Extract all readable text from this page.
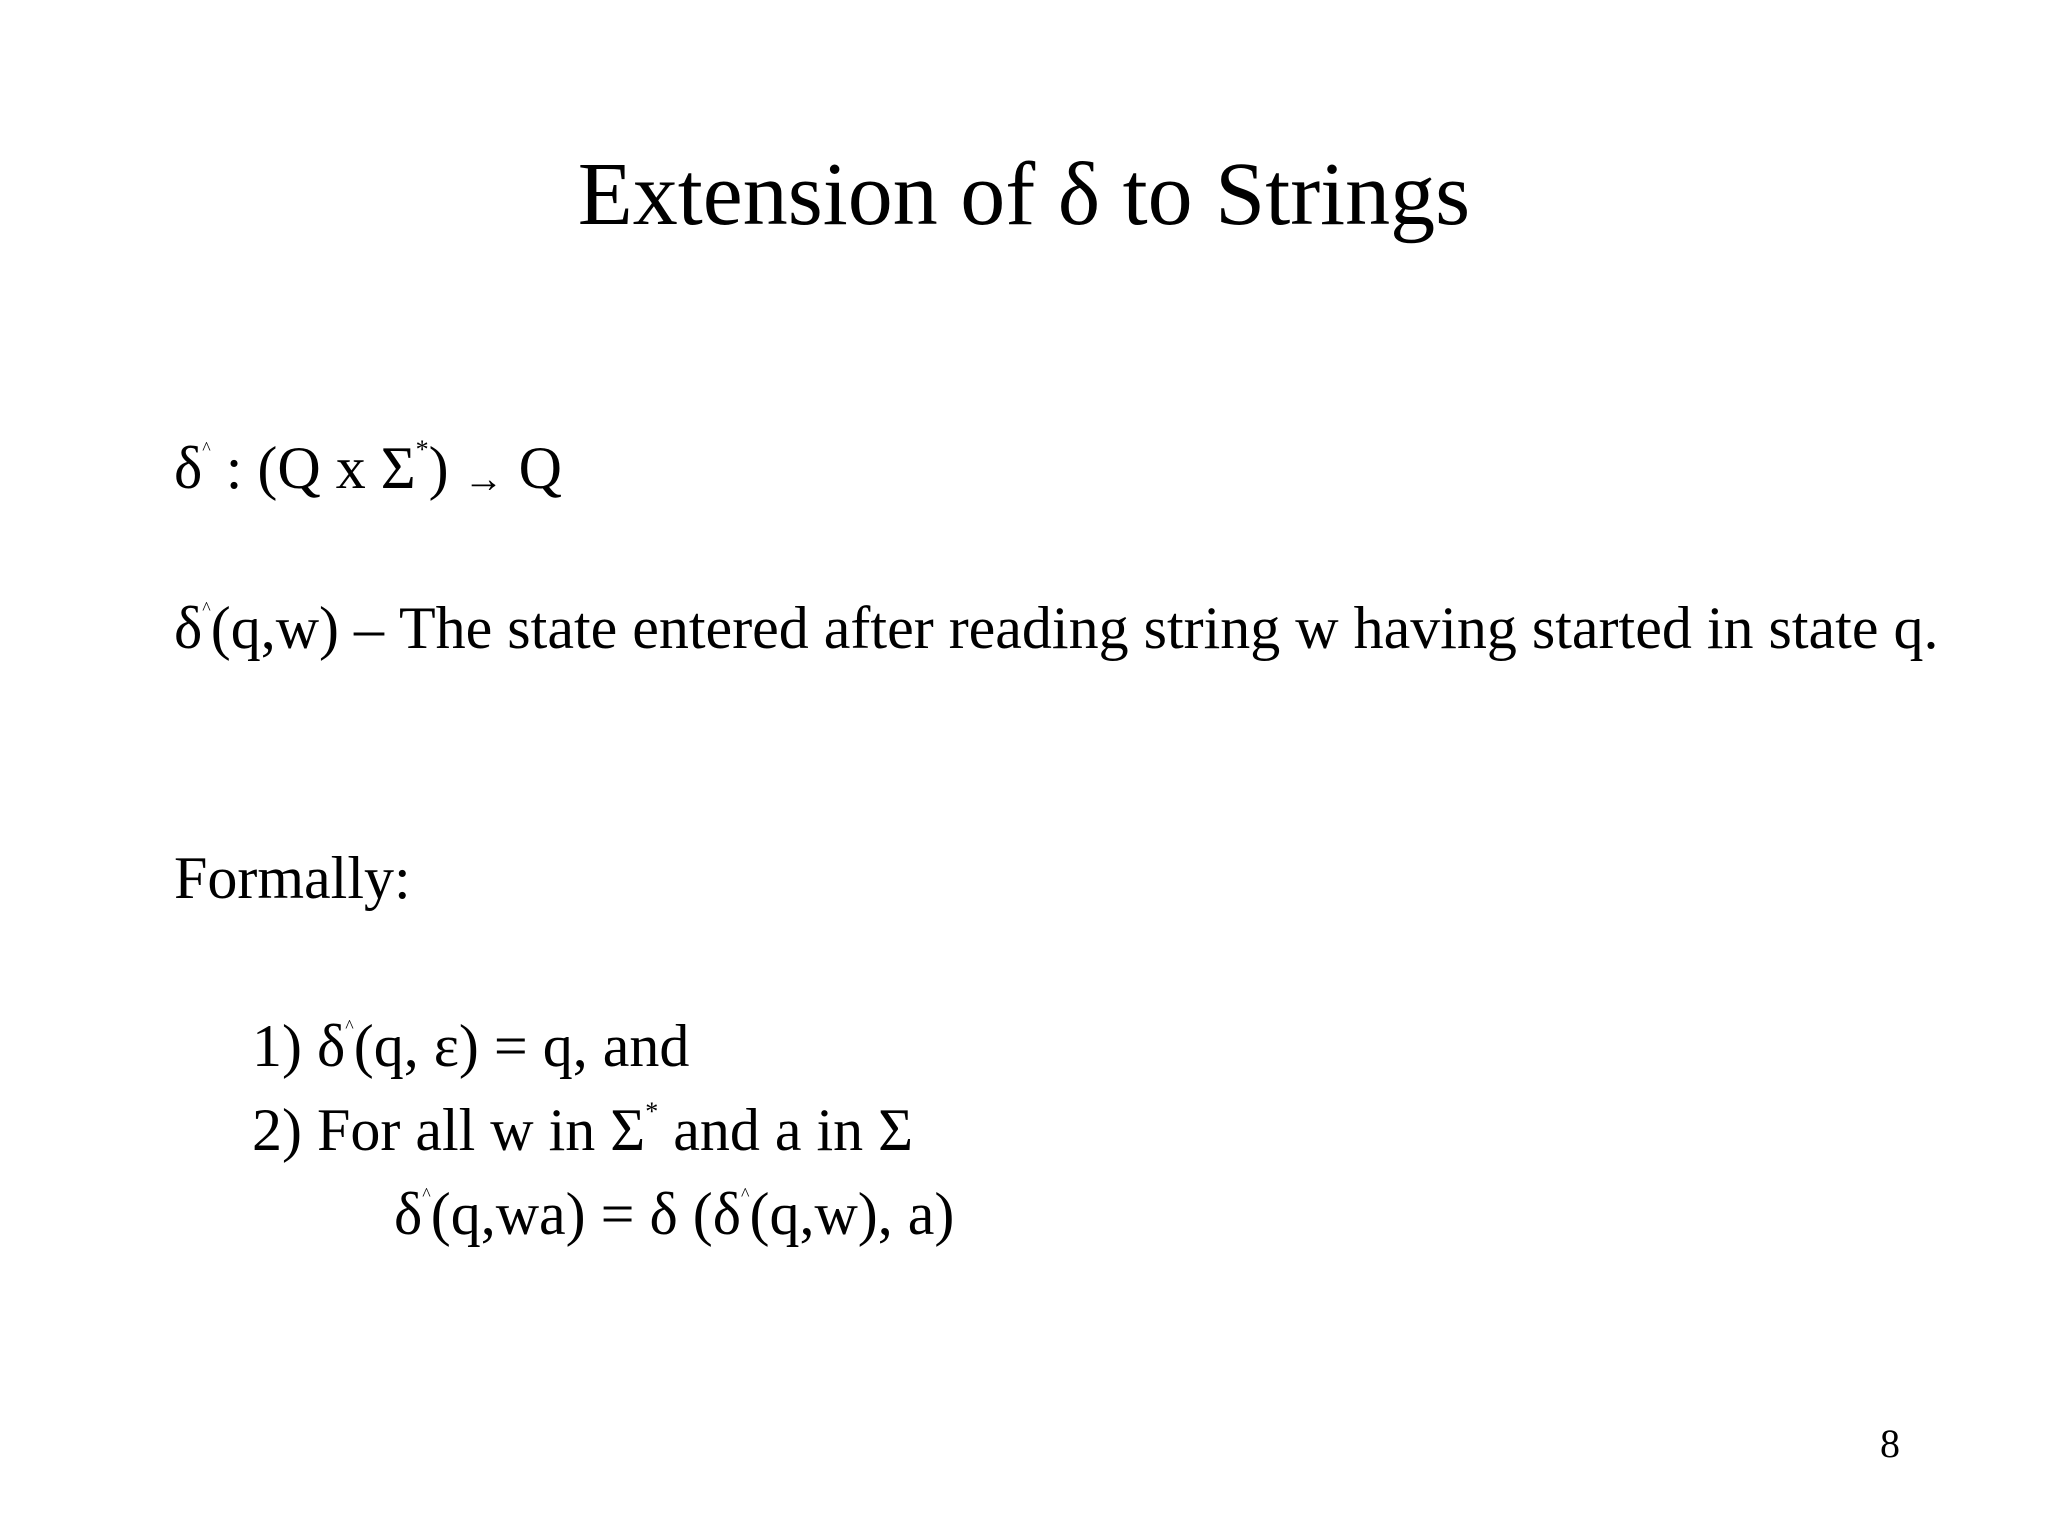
Extension of δ to Strings
δ^ : (Q x Σ*) → Q
δ^(q,w) – The state entered after reading string w having started in state q.
Formally:
1) δ^(q, ε) = q, and
2) For all w in Σ* and a in Σ
δ^(q,wa) = δ (δ^(q,w), a)
8
